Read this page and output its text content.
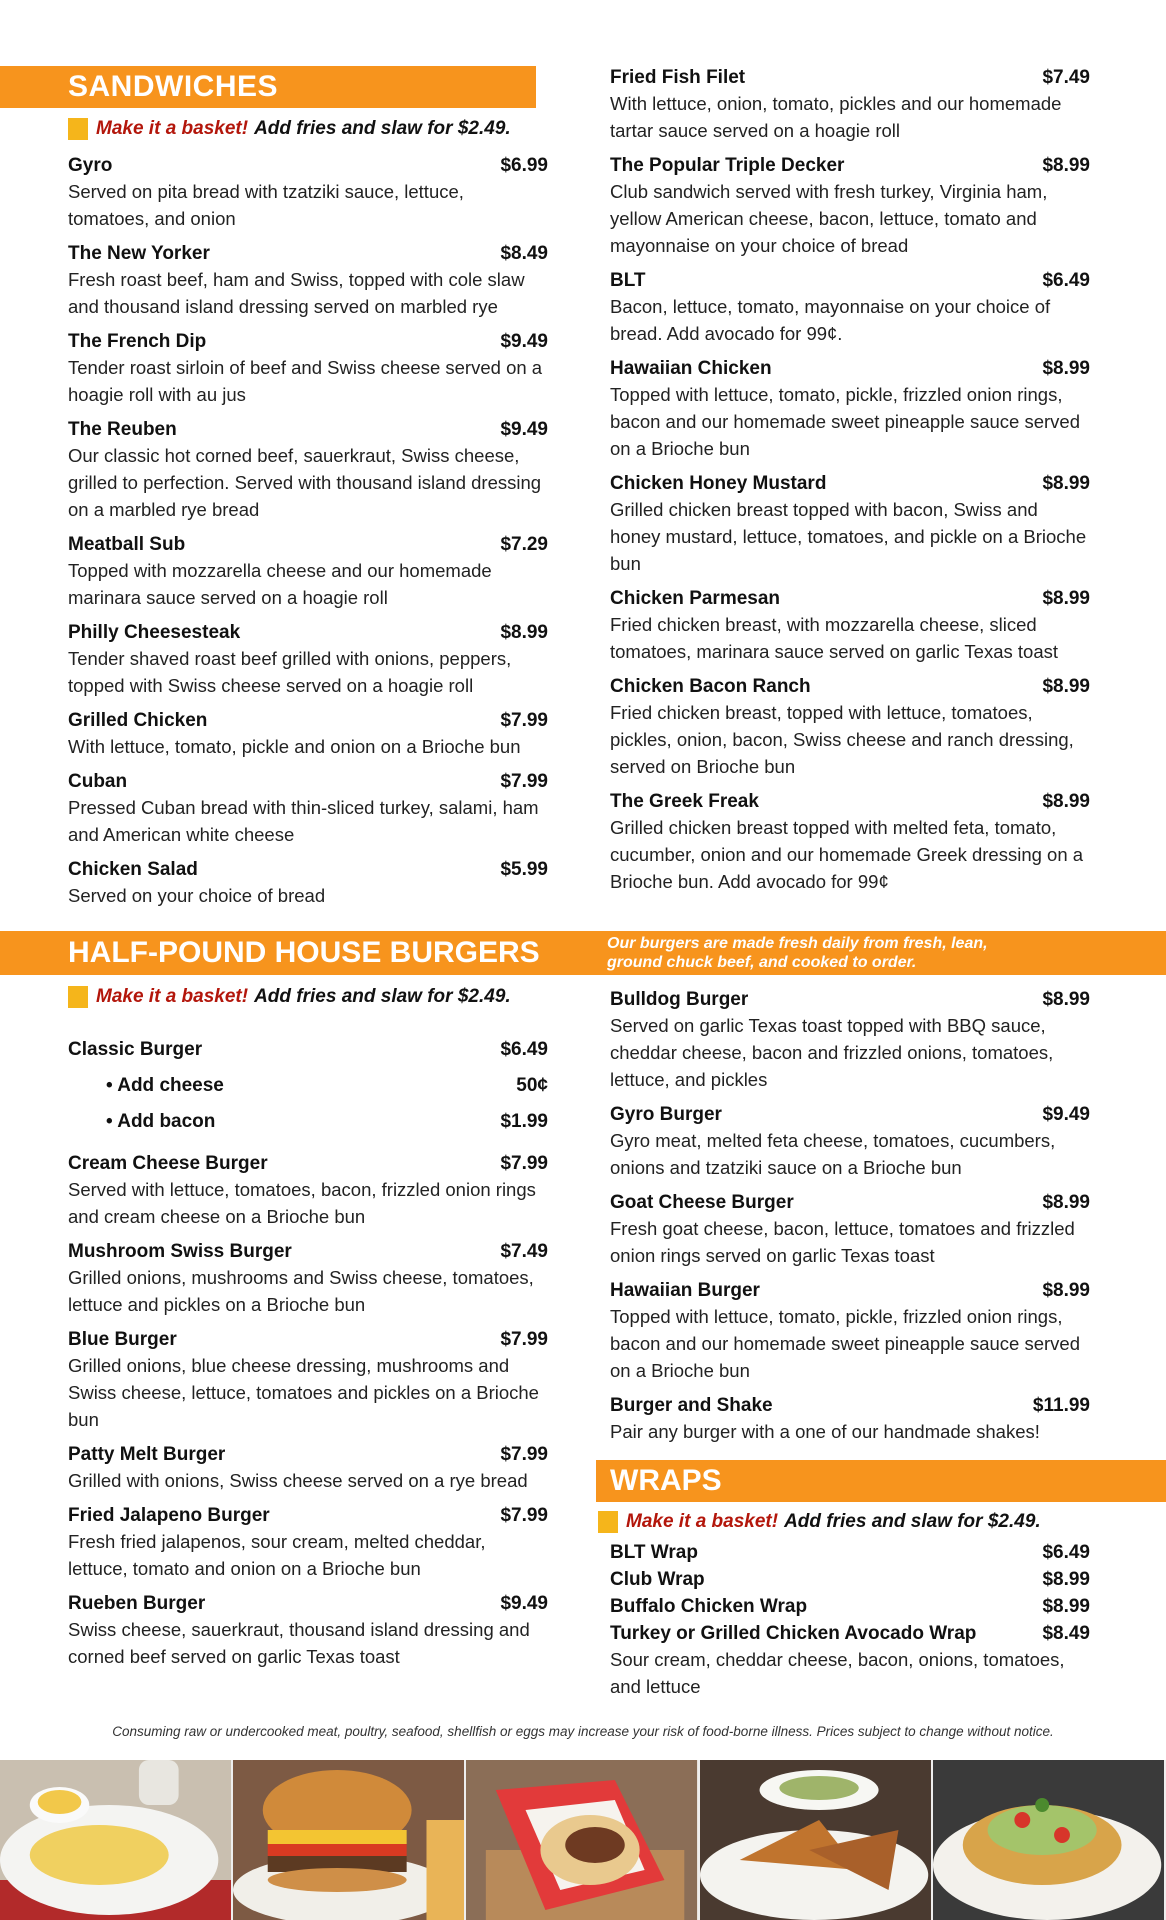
SANDWICHES
Make it a basket! Add fries and slaw for $2.49.
Gyro	$6.99
Served on pita bread with tzatziki sauce, lettuce, tomatoes, and onion
The New Yorker	$8.49
Fresh roast beef, ham and Swiss, topped with cole slaw and thousand island dressing served on marbled rye
The French Dip	$9.49
Tender roast sirloin of beef and Swiss cheese served on a hoagie roll with au jus
The Reuben	$9.49
Our classic hot corned beef, sauerkraut, Swiss cheese, grilled to perfection. Served with thousand island dressing on a marbled rye bread
Meatball Sub	$7.29
Topped with mozzarella cheese and our homemade marinara sauce served on a hoagie roll
Philly Cheesesteak	$8.99
Tender shaved roast beef grilled with onions, peppers, topped with Swiss cheese served on a hoagie roll
Grilled Chicken	$7.99
With lettuce, tomato, pickle and onion on a Brioche bun
Cuban	$7.99
Pressed Cuban bread with thin-sliced turkey, salami, ham and American white cheese
Chicken Salad	$5.99
Served on your choice of bread
Fried Fish Filet	$7.49
With lettuce, onion, tomato, pickles and our homemade tartar sauce served on a hoagie roll
The Popular Triple Decker	$8.99
Club sandwich served with fresh turkey, Virginia ham, yellow American cheese, bacon, lettuce, tomato and mayonnaise on your choice of bread
BLT	$6.49
Bacon, lettuce, tomato, mayonnaise on your choice of bread. Add avocado for 99¢.
Hawaiian Chicken	$8.99
Topped with lettuce, tomato, pickle, frizzled onion rings, bacon and our homemade sweet pineapple sauce served on a Brioche bun
Chicken Honey Mustard	$8.99
Grilled chicken breast topped with bacon, Swiss and honey mustard, lettuce, tomatoes, and pickle on a Brioche bun
Chicken Parmesan	$8.99
Fried chicken breast, with mozzarella cheese, sliced tomatoes, marinara sauce served on garlic Texas toast
Chicken Bacon Ranch	$8.99
Fried chicken breast, topped with lettuce, tomatoes, pickles, onion, bacon, Swiss cheese and ranch dressing, served on Brioche bun
The Greek Freak	$8.99
Grilled chicken breast topped with melted feta, tomato, cucumber, onion and our homemade Greek dressing on a Brioche bun. Add avocado for 99¢
HALF-POUND HOUSE BURGERS	Our burgers are made fresh daily from fresh, lean, ground chuck beef, and cooked to order.
Make it a basket! Add fries and slaw for $2.49.
Classic Burger	$6.49
• Add cheese	50¢
• Add bacon	$1.99
Cream Cheese Burger	$7.99
Served with lettuce, tomatoes, bacon, frizzled onion rings and cream cheese on a Brioche bun
Mushroom Swiss Burger	$7.49
Grilled onions, mushrooms and Swiss cheese, tomatoes, lettuce and pickles on a Brioche bun
Blue Burger	$7.99
Grilled onions, blue cheese dressing, mushrooms and Swiss cheese, lettuce, tomatoes and pickles on a Brioche bun
Patty Melt Burger	$7.99
Grilled with onions, Swiss cheese served on a rye bread
Fried Jalapeno Burger	$7.99
Fresh fried jalapenos, sour cream, melted cheddar, lettuce, tomato and onion on a Brioche bun
Rueben Burger	$9.49
Swiss cheese, sauerkraut, thousand island dressing and corned beef served on garlic Texas toast
Bulldog Burger	$8.99
Served on garlic Texas toast topped with BBQ sauce, cheddar cheese, bacon and frizzled onions, tomatoes, lettuce, and pickles
Gyro Burger	$9.49
Gyro meat, melted feta cheese, tomatoes, cucumbers, onions and tzatziki sauce on a Brioche bun
Goat Cheese Burger	$8.99
Fresh goat cheese, bacon, lettuce, tomatoes and frizzled onion rings served on garlic Texas toast
Hawaiian Burger	$8.99
Topped with lettuce, tomato, pickle, frizzled onion rings, bacon and our homemade sweet pineapple sauce served on a Brioche bun
Burger and Shake	$11.99
Pair any burger with a one of our handmade shakes!
WRAPS
Make it a basket! Add fries and slaw for $2.49.
BLT Wrap	$6.49
Club Wrap	$8.99
Buffalo Chicken Wrap	$8.99
Turkey or Grilled Chicken Avocado Wrap	$8.49
Sour cream, cheddar cheese, bacon, onions, tomatoes, and lettuce
Consuming raw or undercooked meat, poultry, seafood, shellfish or eggs may increase your risk of food-borne illness. Prices subject to change without notice.
